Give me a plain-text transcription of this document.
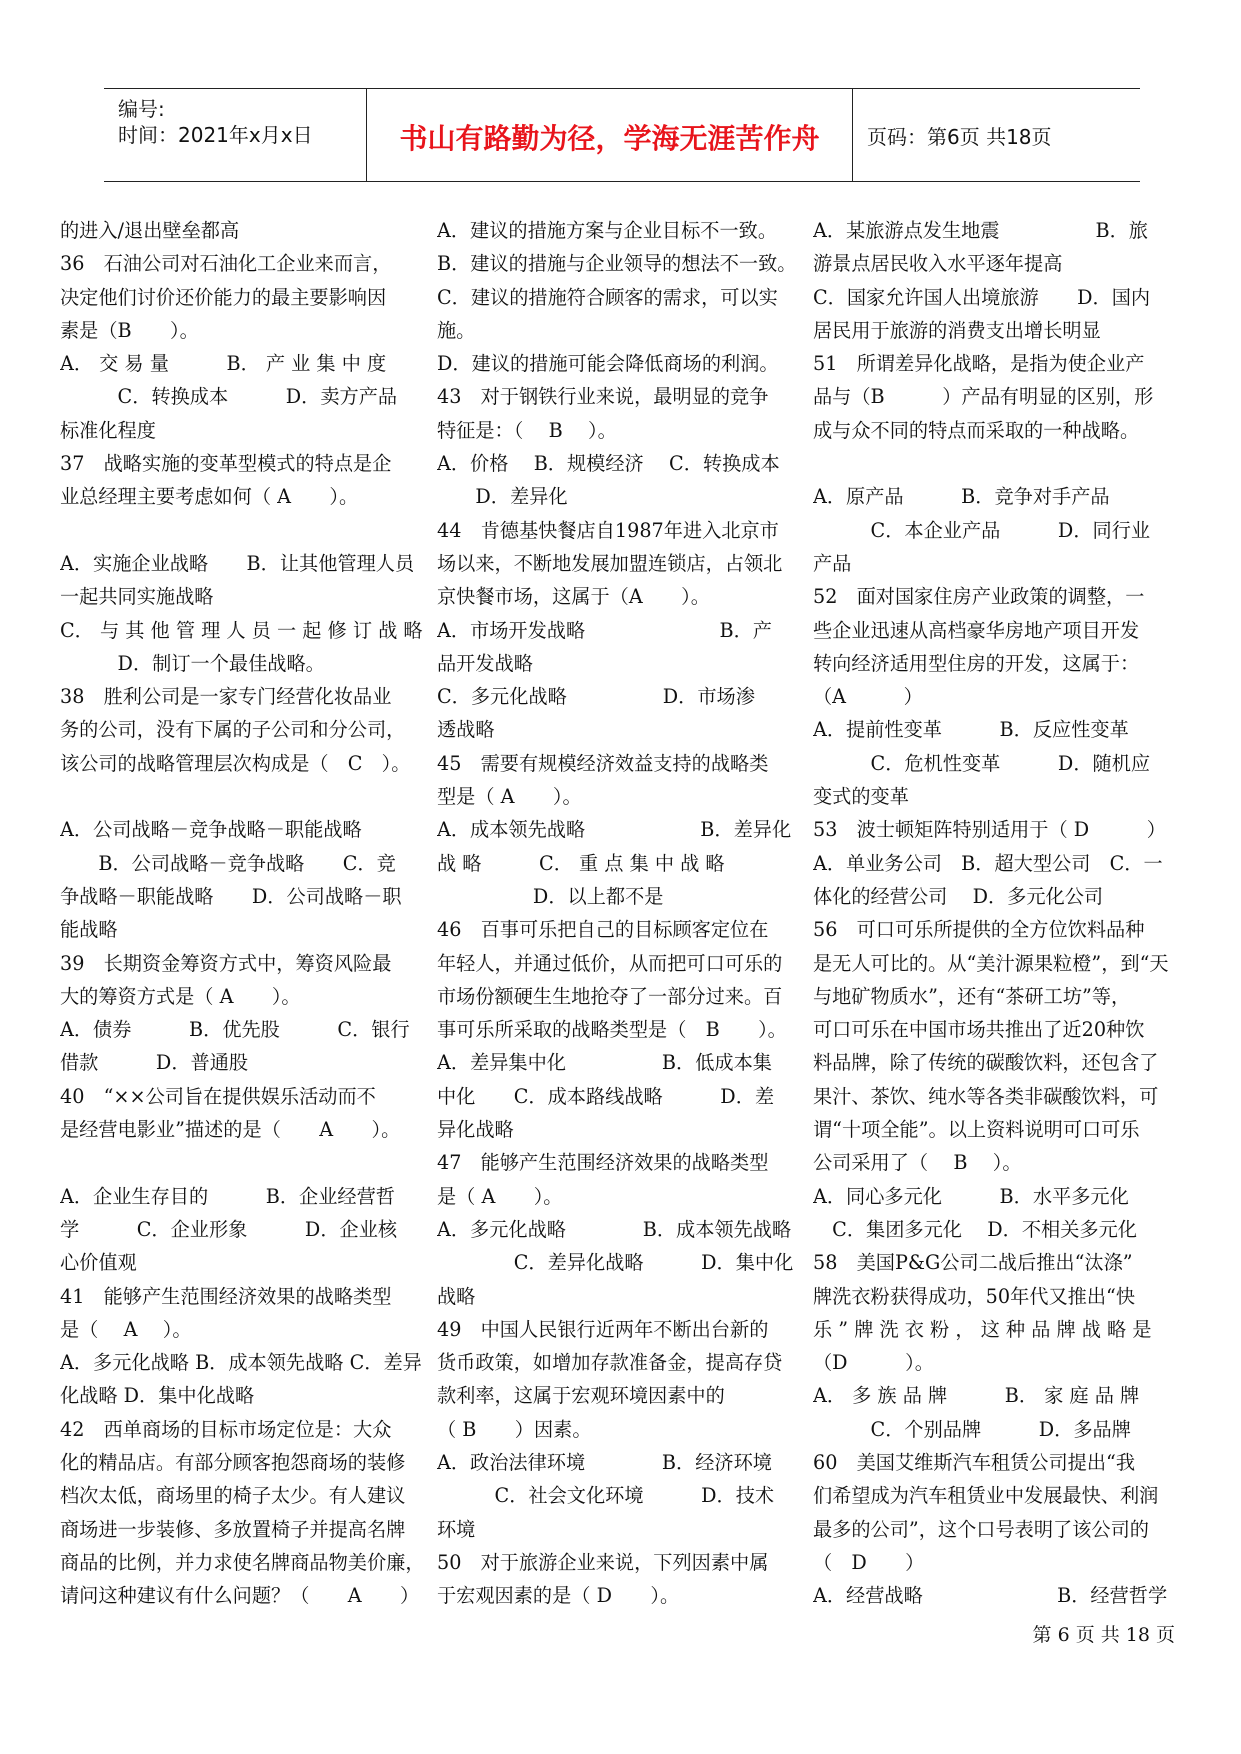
编号:
时间：2021年x月x日	书山有路勤为径，学海无涯苦作舟	页码：第6页 共18页
的进入/退出壁垒都高
36　石油公司对石油化工企业来而言，
决定他们讨价还价能力的最主要影响因
素是（B　　）。
A． 交 易 量　　　B． 产 业 集 中 度
　　　C．转换成本　　　D．卖方产品
标准化程度
37　战略实施的变革型模式的特点是企
业总经理主要考虑如何（ A　　）。
A．实施企业战略　　B．让其他管理人员
一起共同实施战略
C． 与 其 他 管 理 人 员 一 起 修 订 战 略
　　　D．制订一个最佳战略。
38　胜利公司是一家专门经营化妆品业
务的公司，没有下属的子公司和分公司，
该公司的战略管理层次构成是（　C　）。
A．公司战略－竞争战略－职能战略
　　B．公司战略－竞争战略　　C．竞
争战略－职能战略　　D．公司战略－职
能战略
39　长期资金筹资方式中，筹资风险最
大的筹资方式是（ A　　）。
A．债券　　　B．优先股　　　C．银行
借款　　　D．普通股
40　“××公司旨在提供娱乐活动而不
是经营电影业”描述的是（　　A　　）。
A．企业生存目的　　　B．企业经营哲
学　　　C．企业形象　　　D．企业核
心价值观
41　能够产生范围经济效果的战略类型
是（　 A　 ）。
A．多元化战略 B．成本领先战略 C．差异
化战略 D．集中化战略
42　西单商场的目标市场定位是：大众
化的精品店。有部分顾客抱怨商场的装修
档次太低，商场里的椅子太少。有人建议
商场进一步装修、多放置椅子并提高名牌
商品的比例，并力求使名牌商品物美价廉，
请问这种建议有什么问题？（　　A　　）
A．建议的措施方案与企业目标不一致。
B．建议的措施与企业领导的想法不一致。
C．建议的措施符合顾客的需求，可以实
施。
D．建议的措施可能会降低商场的利润。
43　对于钢铁行业来说，最明显的竞争
特征是：（　 B　 ）。
A．价格　 B．规模经济　 C．转换成本
　　D．差异化
44　肯德基快餐店自1987年进入北京市
场以来，不断地发展加盟连锁店，占领北
京快餐市场，这属于（A　　）。
A．市场开发战略　　　　　　　B．产
品开发战略
C．多元化战略　　　　　D．市场渗
透战略
45　需要有规模经济效益支持的战略类
型是（ A　　）。
A．成本领先战略　　　　　　B．差异化
战 略　　　C． 重 点 集 中 战 略
　　　　　D．以上都不是
46　百事可乐把自己的目标顾客定位在
年轻人，并通过低价，从而把可口可乐的
市场份额硬生生地抢夺了一部分过来。百
事可乐所采取的战略类型是（　B　　）。
A．差异集中化　　　　　B．低成本集
中化　　C．成本路线战略　　　D．差
异化战略
47　能够产生范围经济效果的战略类型
是（ A　　）。
A．多元化战略　　　　B．成本领先战略
　　　　C．差异化战略　　　D．集中化
战略
49　中国人民银行近两年不断出台新的
货币政策，如增加存款准备金，提高存贷
款利率，这属于宏观环境因素中的
（ B　　）因素。
A．政治法律环境　　　　B．经济环境
　　　C．社会文化环境　　　D．技术
环境
50　对于旅游企业来说，下列因素中属
于宏观因素的是（ D　　）。
A．某旅游点发生地震　　　　　B．旅
游景点居民收入水平逐年提高
C．国家允许国人出境旅游　　D．国内
居民用于旅游的消费支出增长明显
51　所谓差异化战略，是指为使企业产
品与（B　　　）产品有明显的区别，形
成与众不同的特点而采取的一种战略。
A．原产品　　　B．竞争对手产品
　　　C．本企业产品　　　D．同行业
产品
52　面对国家住房产业政策的调整，一
些企业迅速从高档豪华房地产项目开发
转向经济适用型住房的开发，这属于：
（A　　　）
A．提前性变革　　　B．反应性变革
　　　C．危机性变革　　　D．随机应
变式的变革
53　波士顿矩阵特别适用于（ D　　　）
A．单业务公司　B．超大型公司　C．一
体化的经营公司　 D．多元化公司
56　可口可乐所提供的全方位饮料品种
是无人可比的。从“美汁源果粒橙”，到“天
与地矿物质水”，还有“茶研工坊”等，
可口可乐在中国市场共推出了近20种饮
料品牌，除了传统的碳酸饮料，还包含了
果汁、茶饮、纯水等各类非碳酸饮料，可
谓“十项全能”。以上资料说明可口可乐
公司采用了（　 B　 ）。
A．同心多元化　　　B．水平多元化
　C．集团多元化　 D．不相关多元化
58　美国P&G公司二战后推出“汰涤”
牌洗衣粉获得成功，50年代又推出“快
乐 ” 牌 洗 衣 粉 ， 这 种 品 牌 战 略 是
（D　　　）。
A． 多 族 品 牌　　　B． 家 庭 品 牌
　　　C．个别品牌　　　D．多品牌
60　美国艾维斯汽车租赁公司提出“我
们希望成为汽车租赁业中发展最快、利润
最多的公司”，这个口号表明了该公司的
（　D　　）
A．经营战略　　　　　　　B．经营哲学
第 6 页 共 18 页
